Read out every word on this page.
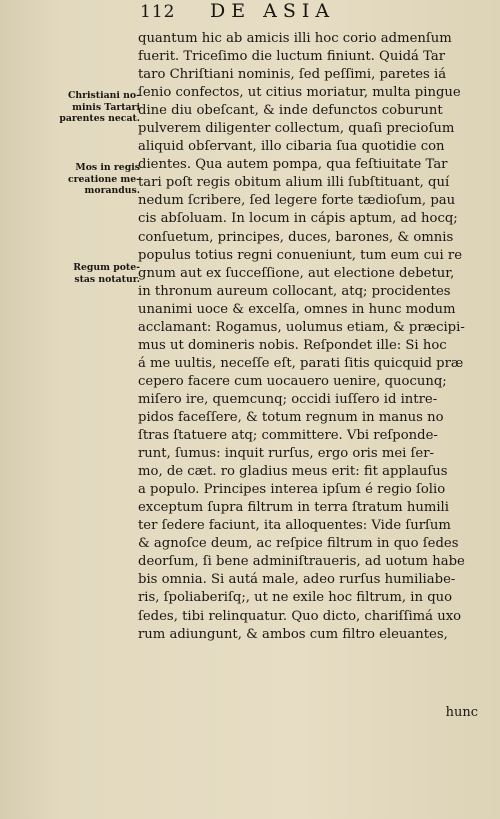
112 DE ASIA
Christiani no-
minis Tartari
parentes necat.
Mos in regis
creatione me-
morandus.
Regum pote-
stas notatur.
quantum hic ab amicis illi hoc corio admenſum
fuerit. Triceſimo die luctum finiunt. Quidá Tar
taro Chriſtiani nominis, ſed peſſimi, paretes iá
ſenio confectos, ut citius moriatur, multa pingue
dine diu obeſcant, & inde defunctos coburunt
pulverem diligenter collectum, quaſi precioſum
aliquid obſervant, illo cibaria ſua quotidie con
dientes. Qua autem pompa, qua feſtiuitate Tar
tari poſt regis obitum alium illi ſubſtituant, quí
nedum ſcribere, ſed legere forte tædioſum, pau
cis abſoluam. In locum in cápis aptum, ad hocq;
conſuetum, principes, duces, barones, & omnis
populus totius regni conueniunt, tum eum cui re
gnum aut ex ſucceſſione, aut electione debetur,
in thronum aureum collocant, atq; procidentes
unanimi uoce & excelſa, omnes in hunc modum
acclamant: Rogamus, uolumus etiam, & præcipi-
mus ut domineris nobis. Reſpondet ille: Si hoc
á me uultis, neceſſe eſt, parati ſitis quicquid præ
cepero facere cum uocauero uenire, quocunq;
miſero ire, quemcunq; occidi iuſſero id intre-
pidos faceſſere, & totum regnum in manus no
ſtras ſtatuere atq; committere. Vbi reſponde-
runt, ſumus: inquit rurſus, ergo oris mei ſer-
mo, de cæt. ro gladius meus erit: fit applauſus
a populo. Principes interea ipſum é regio ſolio
exceptum ſupra filtrum in terra ſtratum humili
ter ſedere faciunt, ita alloquentes: Vide ſurſum
& agnoſce deum, ac reſpice filtrum in quo ſedes
deorſum, ſi bene adminiſtraueris, ad uotum habe
bis omnia. Si autá male, adeo rurſus humiliabe-
ris, ſpoliaberiſq;, ut ne exile hoc filtrum, in quo
ſedes, tibi relinquatur. Quo dicto, chariſſimá uxo
rum adiungunt, & ambos cum filtro eleuantes,
hunc
